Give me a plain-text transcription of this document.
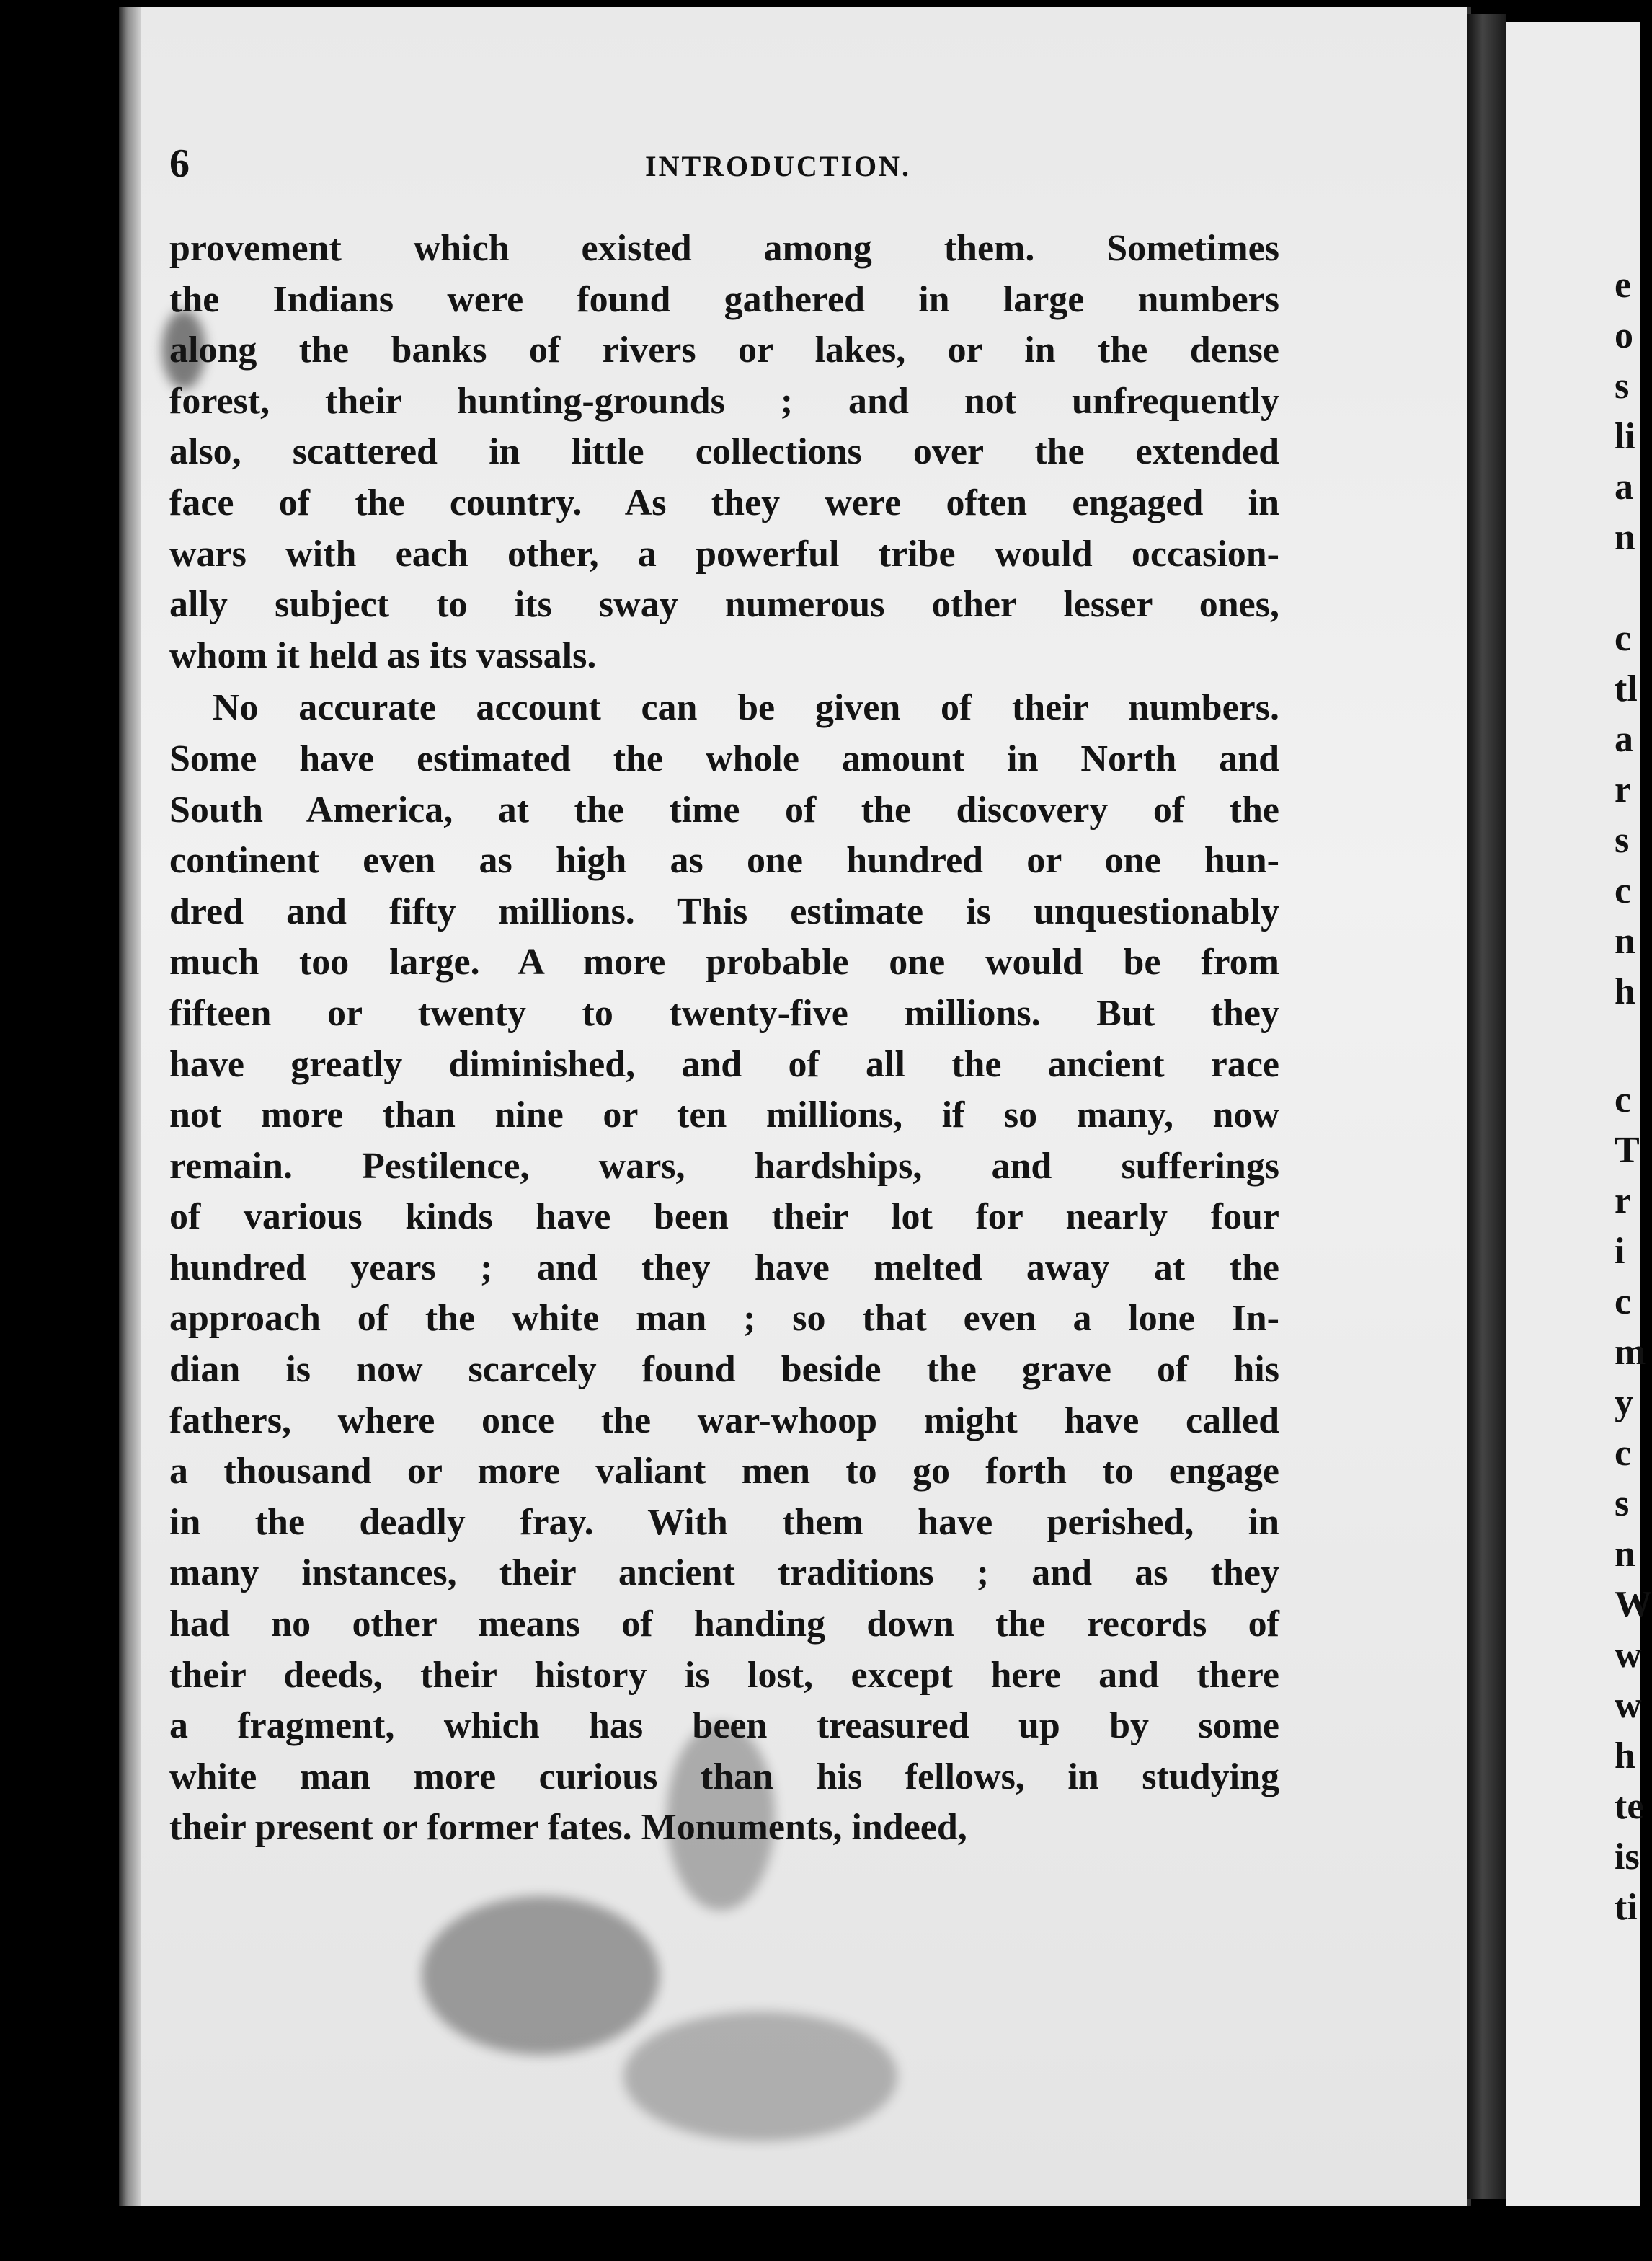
e
o
s
li
a
n
c
tl
a
r
s
c
n
h
c
T
r
i
c
m
y
c
s
n
W
w
w
h
te
is
ti
6	INTRODUCTION.
provement which existed among them. Sometimes
the Indians were found gathered in large numbers
along the banks of rivers or lakes, or in the dense
forest, their hunting-grounds ; and not unfrequently
also, scattered in little collections over the extended
face of the country. As they were often engaged in
wars with each other, a powerful tribe would occasion-
ally subject to its sway numerous other lesser ones,
whom it held as its vassals.
No accurate account can be given of their numbers.
Some have estimated the whole amount in North and
South America, at the time of the discovery of the
continent even as high as one hundred or one hun-
dred and fifty millions. This estimate is unquestionably
much too large. A more probable one would be from
fifteen or twenty to twenty-five millions. But they
have greatly diminished, and of all the ancient race
not more than nine or ten millions, if so many, now
remain. Pestilence, wars, hardships, and sufferings
of various kinds have been their lot for nearly four
hundred years ; and they have melted away at the
approach of the white man ; so that even a lone In-
dian is now scarcely found beside the grave of his
fathers, where once the war-whoop might have called
a thousand or more valiant men to go forth to engage
in the deadly fray. With them have perished, in
many instances, their ancient traditions ; and as they
had no other means of handing down the records of
their deeds, their history is lost, except here and there
a fragment, which has been treasured up by some
white man more curious than his fellows, in studying
their present or former fates. Monuments, indeed,
